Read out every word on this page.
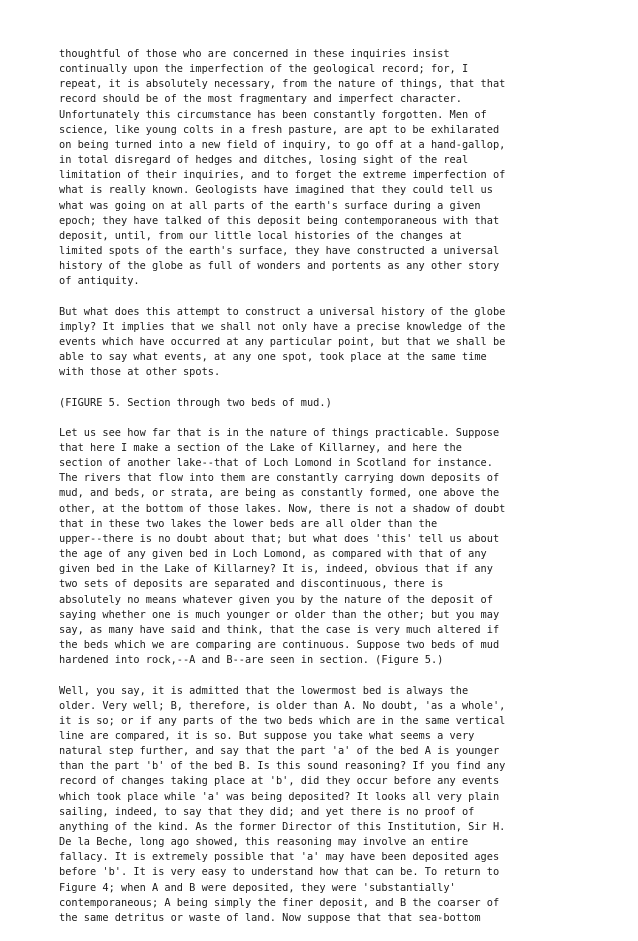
thoughtful of those who are concerned in these inquiries insist
continually upon the imperfection of the geological record; for, I
repeat, it is absolutely necessary, from the nature of things, that that
record should be of the most fragmentary and imperfect character.
Unfortunately this circumstance has been constantly forgotten. Men of
science, like young colts in a fresh pasture, are apt to be exhilarated
on being turned into a new field of inquiry, to go off at a hand-gallop,
in total disregard of hedges and ditches, losing sight of the real
limitation of their inquiries, and to forget the extreme imperfection of
what is really known. Geologists have imagined that they could tell us
what was going on at all parts of the earth's surface during a given
epoch; they have talked of this deposit being contemporaneous with that
deposit, until, from our little local histories of the changes at
limited spots of the earth's surface, they have constructed a universal
history of the globe as full of wonders and portents as any other story
of antiquity.
But what does this attempt to construct a universal history of the globe
imply? It implies that we shall not only have a precise knowledge of the
events which have occurred at any particular point, but that we shall be
able to say what events, at any one spot, took place at the same time
with those at other spots.
(FIGURE 5. Section through two beds of mud.)
Let us see how far that is in the nature of things practicable. Suppose
that here I make a section of the Lake of Killarney, and here the
section of another lake--that of Loch Lomond in Scotland for instance.
The rivers that flow into them are constantly carrying down deposits of
mud, and beds, or strata, are being as constantly formed, one above the
other, at the bottom of those lakes. Now, there is not a shadow of doubt
that in these two lakes the lower beds are all older than the
upper--there is no doubt about that; but what does 'this' tell us about
the age of any given bed in Loch Lomond, as compared with that of any
given bed in the Lake of Killarney? It is, indeed, obvious that if any
two sets of deposits are separated and discontinuous, there is
absolutely no means whatever given you by the nature of the deposit of
saying whether one is much younger or older than the other; but you may
say, as many have said and think, that the case is very much altered if
the beds which we are comparing are continuous. Suppose two beds of mud
hardened into rock,--A and B--are seen in section. (Figure 5.)
Well, you say, it is admitted that the lowermost bed is always the
older. Very well; B, therefore, is older than A. No doubt, 'as a whole',
it is so; or if any parts of the two beds which are in the same vertical
line are compared, it is so. But suppose you take what seems a very
natural step further, and say that the part 'a' of the bed A is younger
than the part 'b' of the bed B. Is this sound reasoning? If you find any
record of changes taking place at 'b', did they occur before any events
which took place while 'a' was being deposited? It looks all very plain
sailing, indeed, to say that they did; and yet there is no proof of
anything of the kind. As the former Director of this Institution, Sir H.
De la Beche, long ago showed, this reasoning may involve an entire
fallacy. It is extremely possible that 'a' may have been deposited ages
before 'b'. It is very easy to understand how that can be. To return to
Figure 4; when A and B were deposited, they were 'substantially'
contemporaneous; A being simply the finer deposit, and B the coarser of
the same detritus or waste of land. Now suppose that that sea-bottom
